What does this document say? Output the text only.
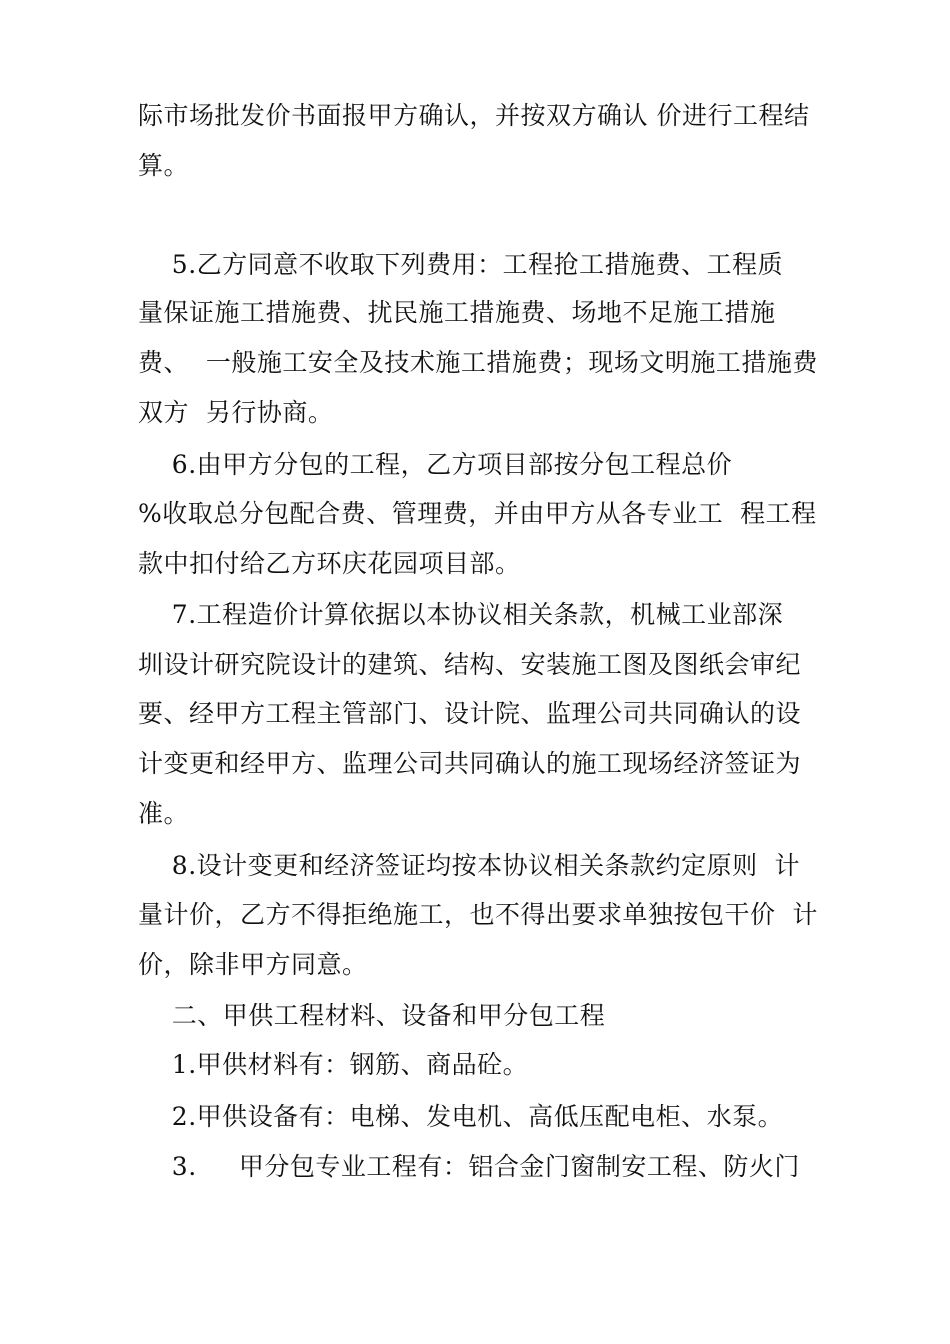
际市场批发价书面报甲方确认，并按双方确认 价进行工程结
算。
5.乙方同意不收取下列费用：工程抢工措施费、工程质
量保证施工措施费、扰民施工措施费、场地不足施工措施
费、  一般施工安全及技术施工措施费；现场文明施工措施费
双方  另行协商。
6.由甲方分包的工程，乙方项目部按分包工程总价
%收取总分包配合费、管理费，并由甲方从各专业工  程工程
款中扣付给乙方环庆花园项目部。
7.工程造价计算依据以本协议相关条款，机械工业部深
圳设计研究院设计的建筑、结构、安装施工图及图纸会审纪
要、经甲方工程主管部门、设计院、监理公司共同确认的设
计变更和经甲方、监理公司共同确认的施工现场经济签证为
准。
8.设计变更和经济签证均按本协议相关条款约定原则  计
量计价，乙方不得拒绝施工，也不得出要求单独按包干价  计
价，除非甲方同意。
二、甲供工程材料、设备和甲分包工程
1.甲供材料有：钢筋、商品砼。
2.甲供设备有：电梯、发电机、高低压配电柜、水泵。
3.     甲分包专业工程有：铝合金门窗制安工程、防火门
